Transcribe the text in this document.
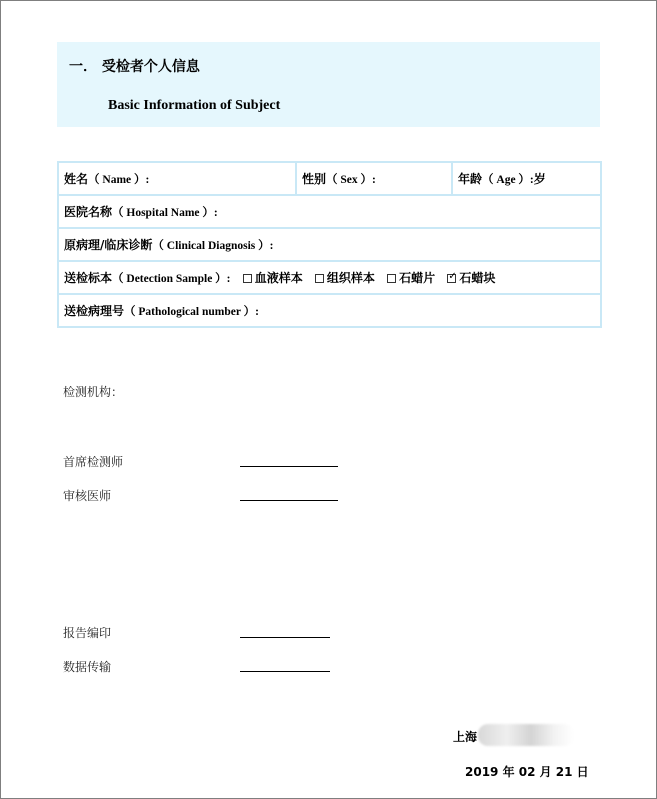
一． 受检者个人信息
Basic Information of Subject
姓名（ Name ）:	性别（ Sex ）:	年龄（ Age ）:岁
医院名称（ Hospital Name ）:
原病理/临床诊断（ Clinical Diagnosis ）:
送检标本（ Detection Sample ）: 血液样本 组织样本 石蜡片 ✓ 石蜡块
送检病理号（ Pathological number ）:
检测机构：
首席检测师
审核医师
报告编印
数据传输
上海
2019 年 02 月 21 日
